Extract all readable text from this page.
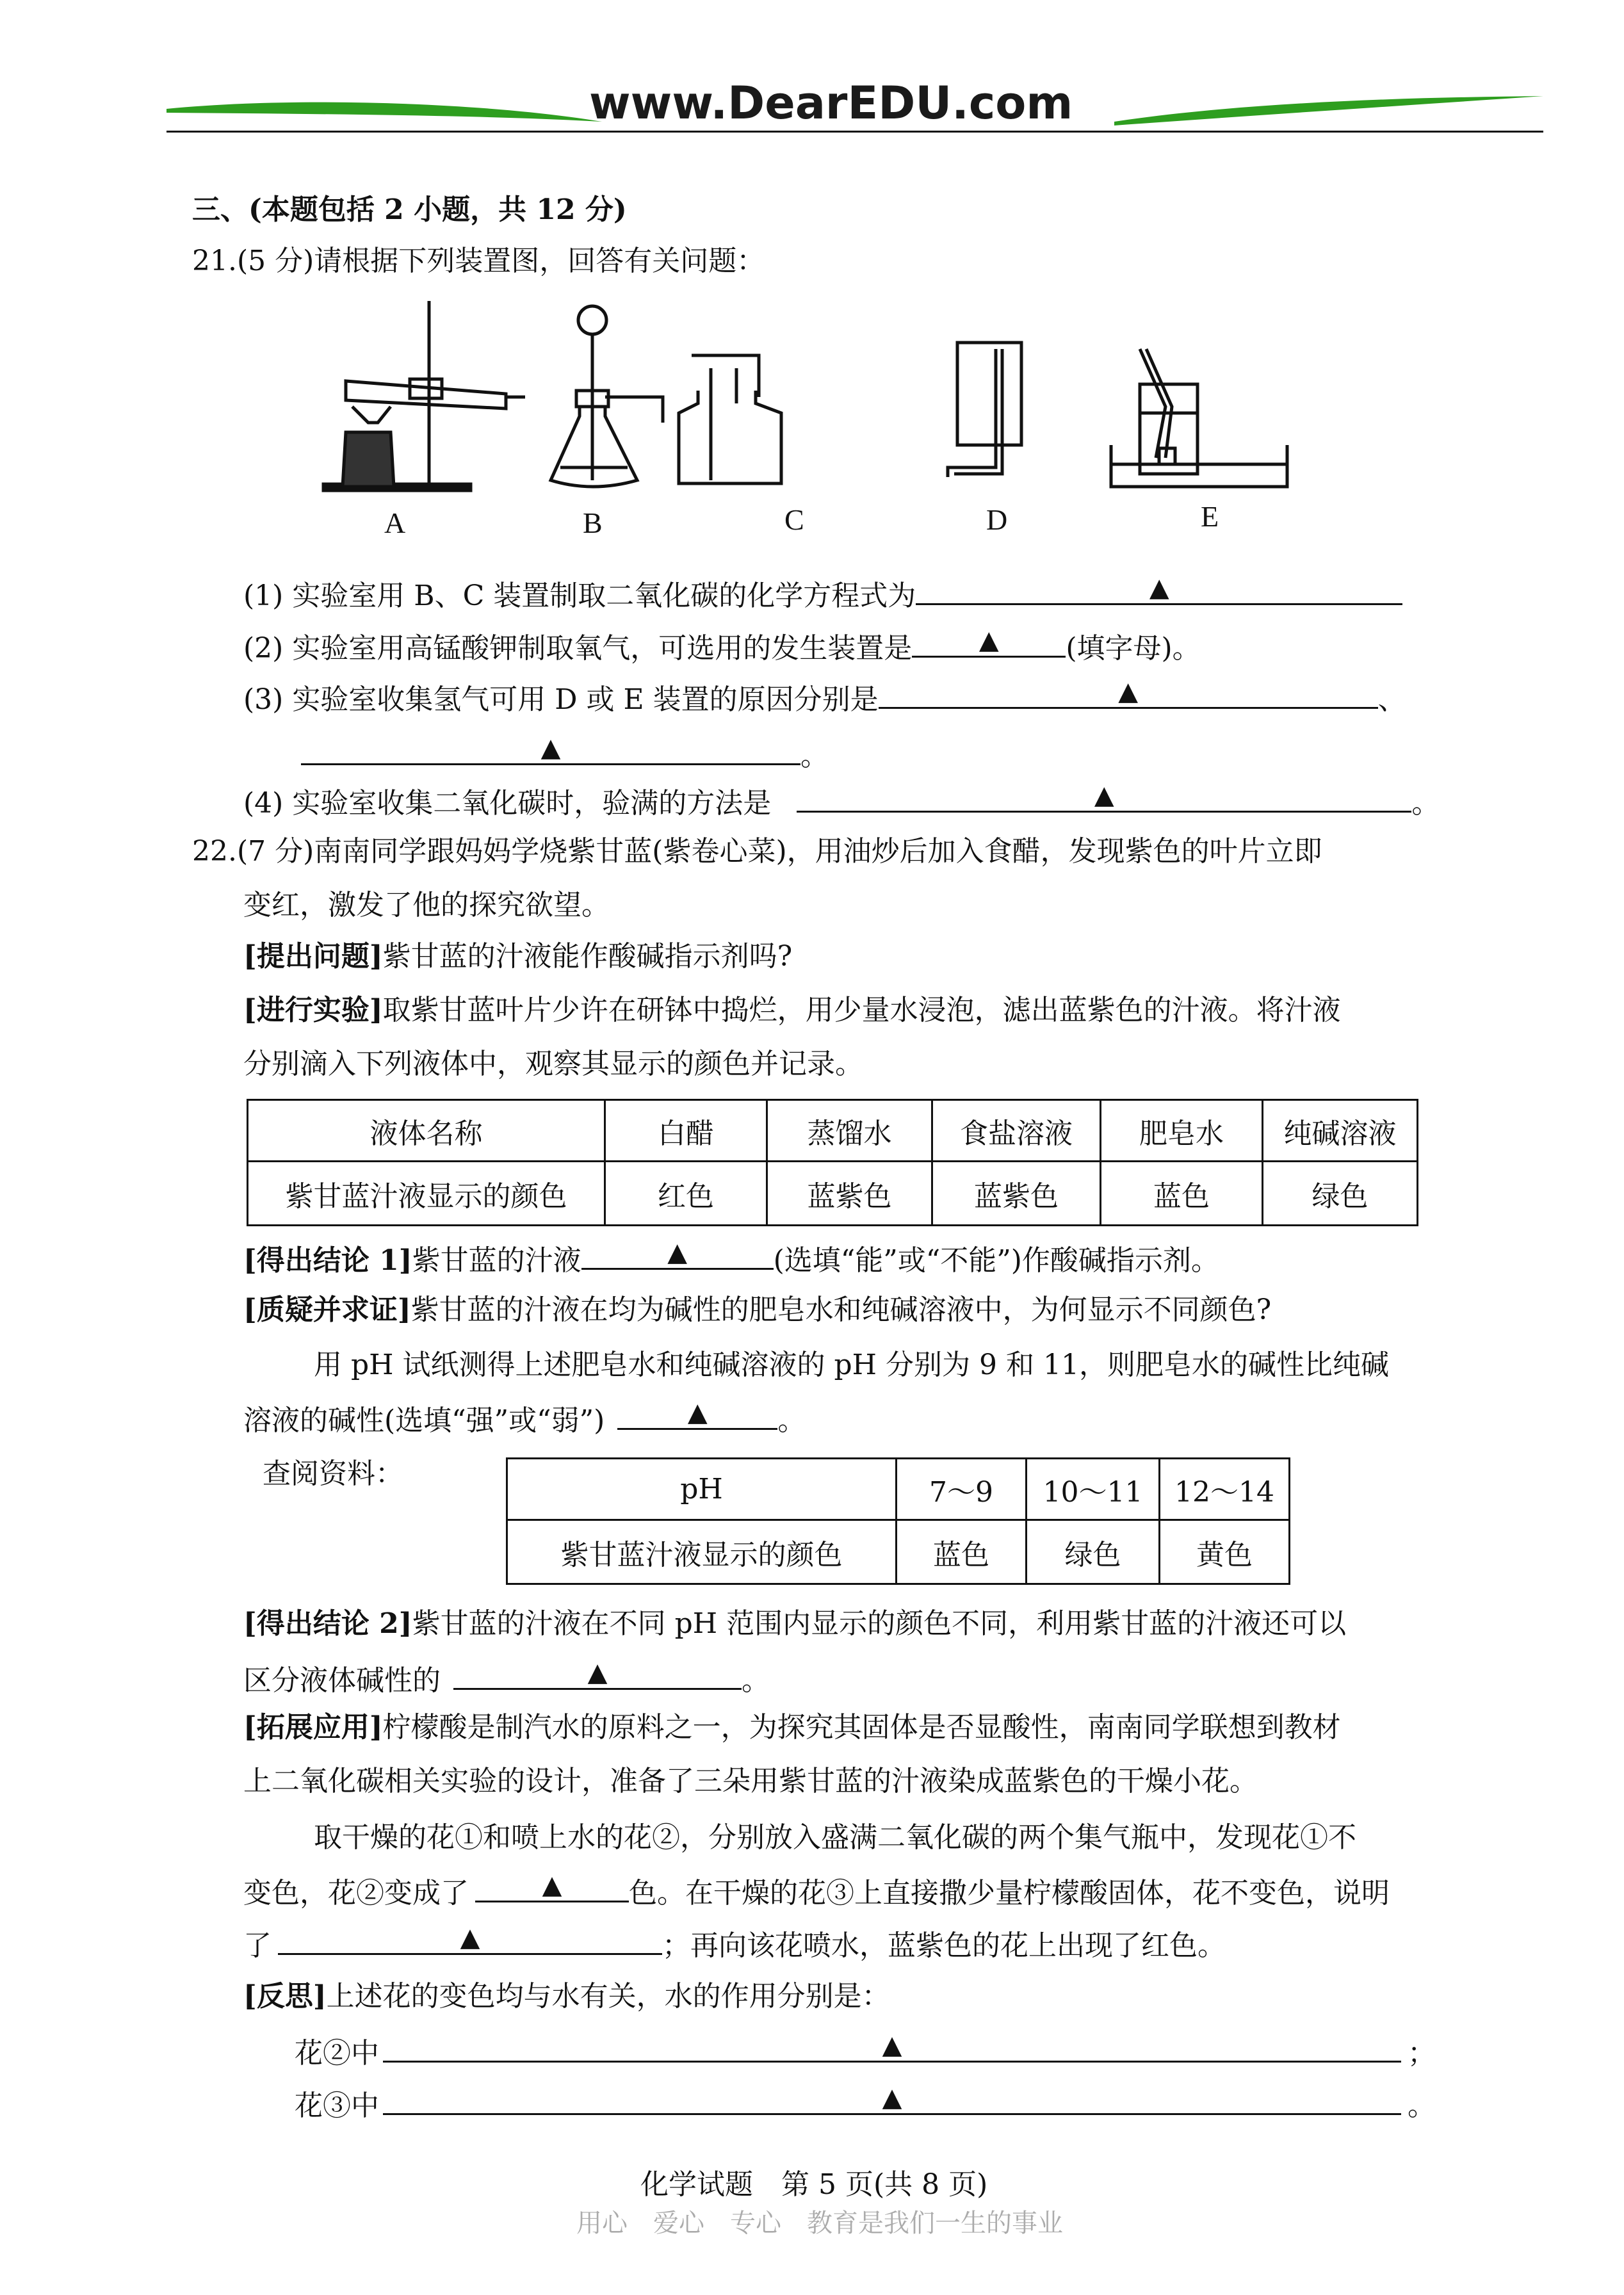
www.DearEDU.com
三、(本题包括 2 小题，共 12 分)
21.(5 分)请根据下列装置图，回答有关问题：
A	B	C	D	E
(1) 实验室用 B、C 装置制取二氧化碳的化学方程式为	▲
(2) 实验室用高锰酸钾制取氧气，可选用的发生装置是	▲	(填字母)。
(3) 实验室收集氢气可用 D 或 E 装置的原因分别是	▲	、
▲	。
(4) 实验室收集二氧化碳时，验满的方法是	▲	。
22.(7 分)南南同学跟妈妈学烧紫甘蓝(紫卷心菜)，用油炒后加入食醋，发现紫色的叶片立即
变红，激发了他的探究欲望。
[提出问题]紫甘蓝的汁液能作酸碱指示剂吗?
[进行实验]取紫甘蓝叶片少许在研钵中捣烂，用少量水浸泡，滤出蓝紫色的汁液。将汁液
分别滴入下列液体中，观察其显示的颜色并记录。
液体名称	白醋	蒸馏水	食盐溶液	肥皂水	纯碱溶液
紫甘蓝汁液显示的颜色	红色	蓝紫色	蓝紫色	蓝色	绿色
[得出结论 1]紫甘蓝的汁液	▲	(选填“能”或“不能”)作酸碱指示剂。
[质疑并求证]紫甘蓝的汁液在均为碱性的肥皂水和纯碱溶液中，为何显示不同颜色?
用 pH 试纸测得上述肥皂水和纯碱溶液的 pH 分别为 9 和 11，则肥皂水的碱性比纯碱
溶液的碱性(选填“强”或“弱”)	▲	。
查阅资料：	pH	7～9	10～11	12～14
紫甘蓝汁液显示的颜色	蓝色	绿色	黄色
[得出结论 2]紫甘蓝的汁液在不同 pH 范围内显示的颜色不同，利用紫甘蓝的汁液还可以
区分液体碱性的	▲	。
[拓展应用]柠檬酸是制汽水的原料之一，为探究其固体是否显酸性，南南同学联想到教材
上二氧化碳相关实验的设计，准备了三朵用紫甘蓝的汁液染成蓝紫色的干燥小花。
取干燥的花①和喷上水的花②，分别放入盛满二氧化碳的两个集气瓶中，发现花①不
变色，花②变成了	▲	色。在干燥的花③上直接撒少量柠檬酸固体，花不变色，说明
了	▲	；再向该花喷水，蓝紫色的花上出现了红色。
[反思]上述花的变色均与水有关，水的作用分别是：
花②中	▲	；
花③中	▲	。
化学试题　第 5 页(共 8 页)
用心　爱心　专心　教育是我们一生的事业
